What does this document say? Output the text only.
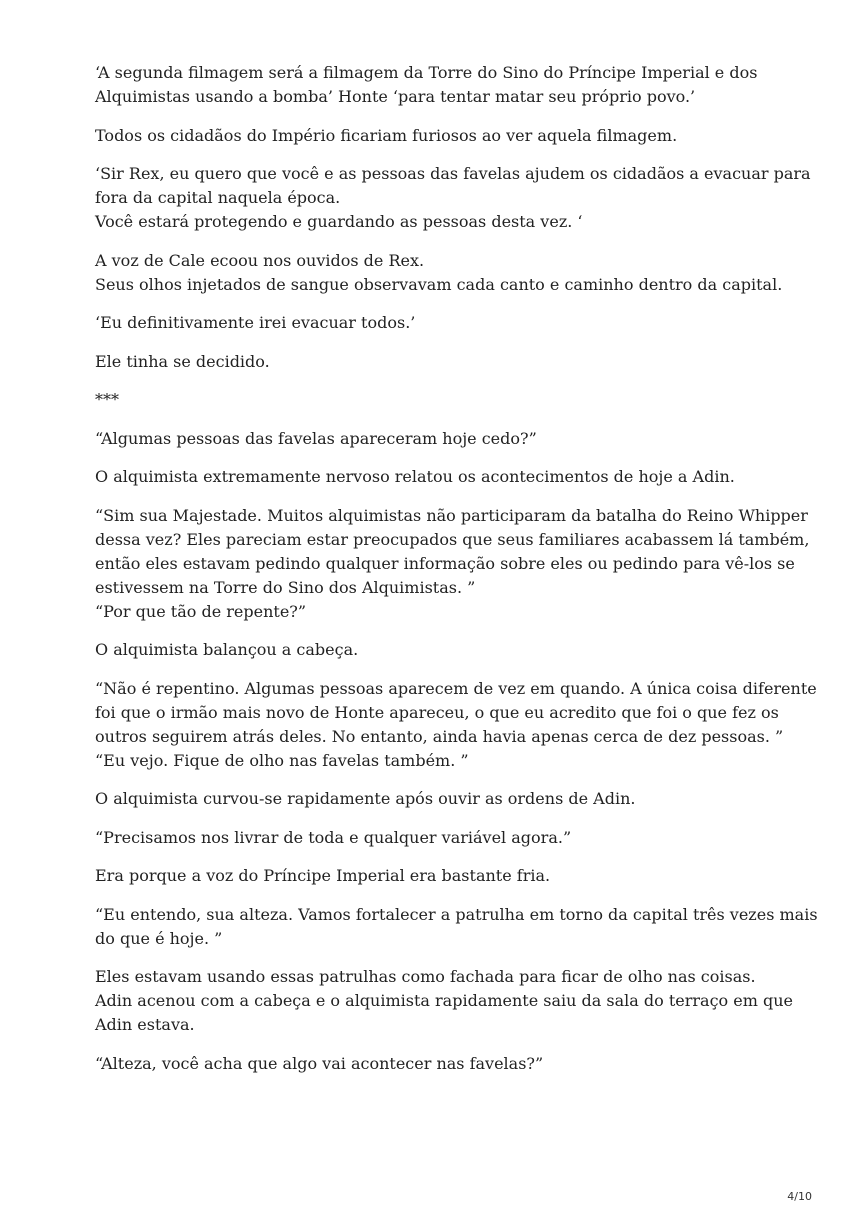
‘A segunda filmagem será a filmagem da Torre do Sino do Príncipe Imperial e dos
Alquimistas usando a bomba’ Honte ‘para tentar matar seu próprio povo.’

Todos os cidadãos do Império ficariam furiosos ao ver aquela filmagem.

‘Sir Rex, eu quero que você e as pessoas das favelas ajudem os cidadãos a evacuar para
fora da capital naquela época.
Você estará protegendo e guardando as pessoas desta vez. ‘

A voz de Cale ecoou nos ouvidos de Rex.
Seus olhos injetados de sangue observavam cada canto e caminho dentro da capital.

‘Eu definitivamente irei evacuar todos.’

Ele tinha se decidido.

***

“Algumas pessoas das favelas apareceram hoje cedo?”

O alquimista extremamente nervoso relatou os acontecimentos de hoje a Adin.

“Sim sua Majestade. Muitos alquimistas não participaram da batalha do Reino Whipper
dessa vez? Eles pareciam estar preocupados que seus familiares acabassem lá também,
então eles estavam pedindo qualquer informação sobre eles ou pedindo para vê-los se
estivessem na Torre do Sino dos Alquimistas. ”
“Por que tão de repente?”

O alquimista balançou a cabeça.

“Não é repentino. Algumas pessoas aparecem de vez em quando. A única coisa diferente
foi que o irmão mais novo de Honte apareceu, o que eu acredito que foi o que fez os
outros seguirem atrás deles. No entanto, ainda havia apenas cerca de dez pessoas. ”
“Eu vejo. Fique de olho nas favelas também. ”

O alquimista curvou-se rapidamente após ouvir as ordens de Adin.

“Precisamos nos livrar de toda e qualquer variável agora.”

Era porque a voz do Príncipe Imperial era bastante fria.

“Eu entendo, sua alteza. Vamos fortalecer a patrulha em torno da capital três vezes mais
do que é hoje. ”

Eles estavam usando essas patrulhas como fachada para ficar de olho nas coisas.
Adin acenou com a cabeça e o alquimista rapidamente saiu da sala do terraço em que
Adin estava.

“Alteza, você acha que algo vai acontecer nas favelas?”

4/10
